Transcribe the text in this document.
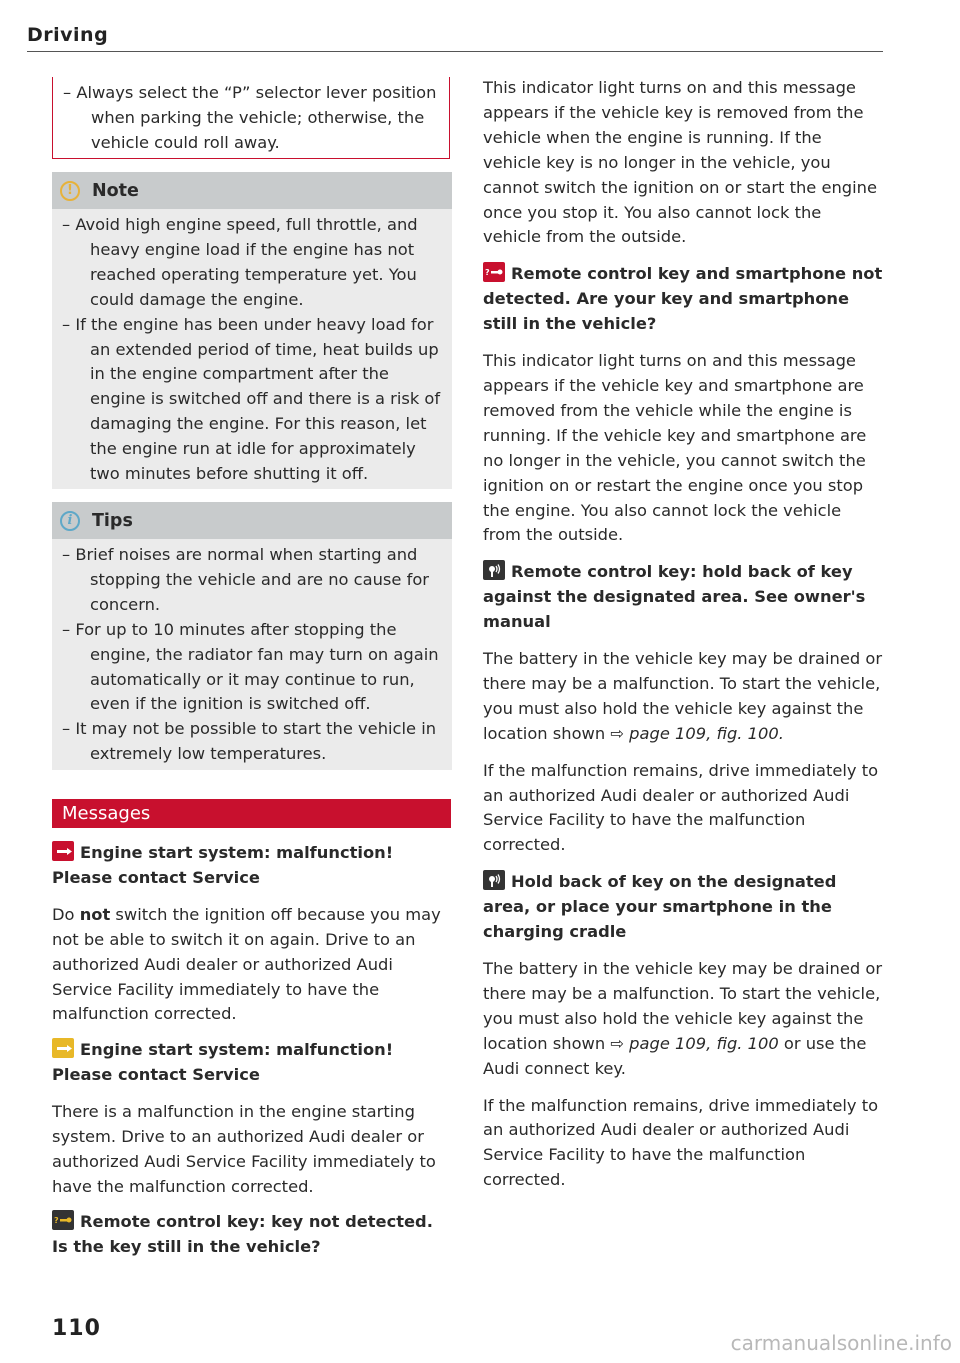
Driving
– Always select the “P” selector lever position when parking the vehicle; otherwise, the vehicle could roll away.
!	Note
– Avoid high engine speed, full throttle, and heavy engine load if the engine has not reached operating temperature yet. You could damage the engine.
– If the engine has been under heavy load for an extended period of time, heat builds up in the engine compartment after the engine is switched off and there is a risk of damaging the engine. For this reason, let the engine run at idle for approximately two minutes before shutting it off.
i	Tips
– Brief noises are normal when starting and stopping the vehicle and are no cause for concern.
– For up to 10 minutes after stopping the engine, the radiator fan may turn on again automatically or it may continue to run, even if the ignition is switched off.
– It may not be possible to start the vehicle in extremely low temperatures.
Messages

Engine start system: malfunction! Please contact Service

Do not switch the ignition off because you may not be able to switch it on again. Drive to an authorized Audi dealer or authorized Audi Service Facility immediately to have the malfunction corrected.

Engine start system: malfunction! Please contact Service

There is a malfunction in the engine starting system. Drive to an authorized Audi dealer or authorized Audi Service Facility immediately to have the malfunction corrected.

? Remote control key: key not detected. Is the key still in the vehicle?

This indicator light turns on and this message appears if the vehicle key is removed from the vehicle when the engine is running. If the vehicle key is no longer in the vehicle, you cannot switch the ignition on or start the engine once you stop it. You also cannot lock the vehicle from the outside.

? Remote control key and smartphone not detected. Are your key and smartphone still in the vehicle?

This indicator light turns on and this message appears if the vehicle key and smartphone are removed from the vehicle while the engine is running. If the vehicle key and smartphone are no longer in the vehicle, you cannot switch the ignition on or restart the engine once you stop the engine. You also cannot lock the vehicle from the outside.

Remote control key: hold back of key against the designated area. See owner's manual

The battery in the vehicle key may be drained or there may be a malfunction. To start the vehicle, you must also hold the vehicle key against the location shown ⇨ page 109, fig. 100.

If the malfunction remains, drive immediately to an authorized Audi dealer or authorized Audi Service Facility to have the malfunction corrected.

Hold back of key on the designated area, or place your smartphone in the charging cradle

The battery in the vehicle key may be drained or there may be a malfunction. To start the vehicle, you must also hold the vehicle key against the location shown ⇨ page 109, fig. 100 or use the Audi connect key.

If the malfunction remains, drive immediately to an authorized Audi dealer or authorized Audi Service Facility to have the malfunction corrected.

110
carmanualsonline.info
